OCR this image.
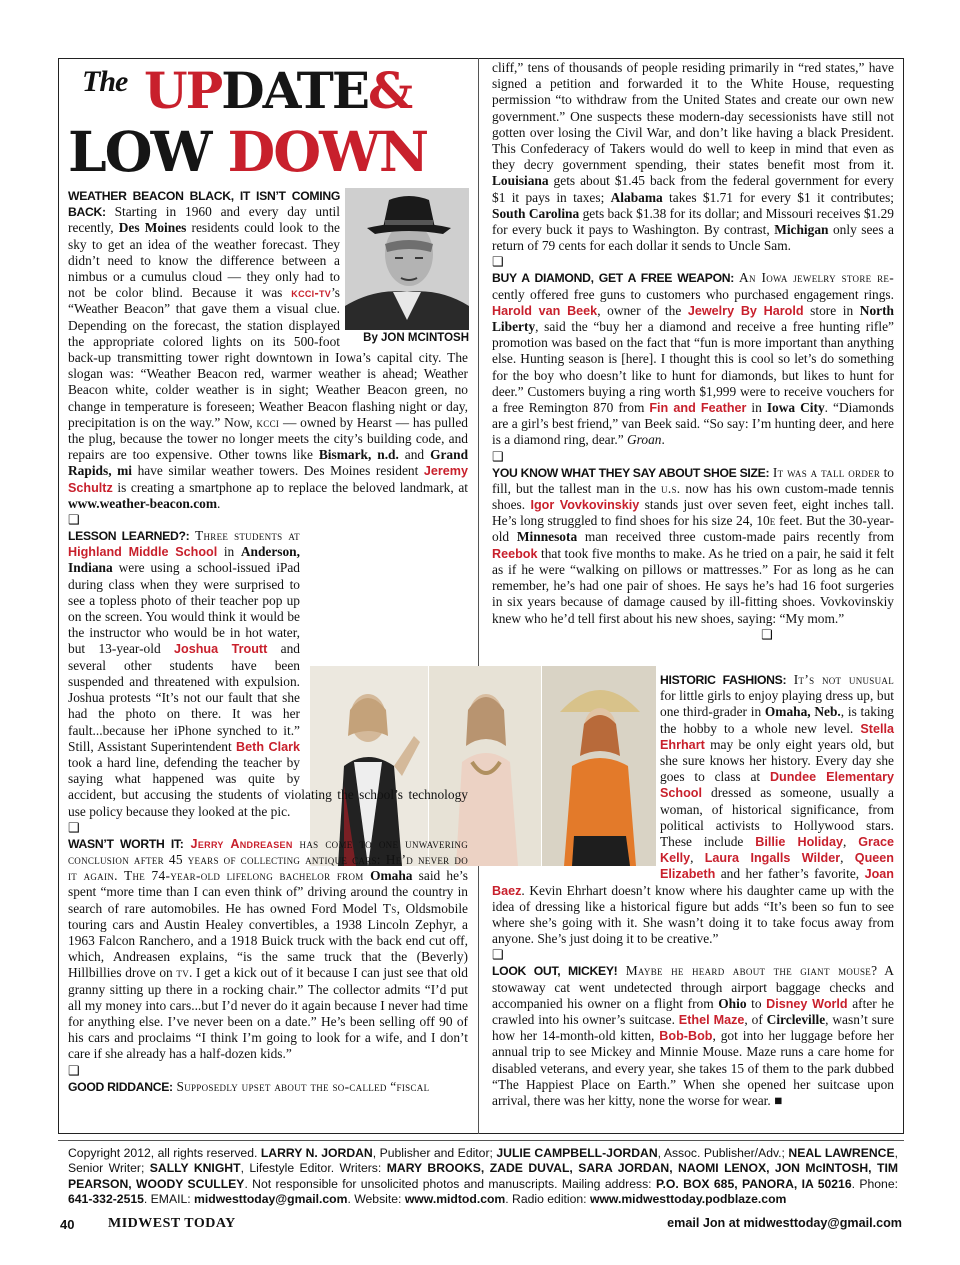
The UPDATE&
LOW DOWN
By JON MCINTOSH

WEATHER BEACON BLACK, IT ISN’T COMING BACK: Starting in 1960 and every day until recently, Des Moines residents could look to the sky to get an idea of the weather forecast. They didn’t need to know the difference between a nimbus or a cumulus cloud — they only had to not be color blind. Because it was kcci-tv’s “Weather Beacon” that gave them a visual clue. Depending on the forecast, the station displayed the appropriate colored lights on its 500-foot back-up transmitting tower right downtown in Iowa’s capital city. The slogan was: “Weather Beacon red, warmer weather is ahead; Weather Beacon white, colder weather is in sight; Weather Beacon green, no change in temperature is foreseen; Weather Beacon flashing night or day, precipitation is on the way.” Now, kcci — owned by Hearst — has pulled the plug, because the tower no longer meets the city’s building code, and repairs are too expensive. Other towns like Bismark, n.d. and Grand Rapids, mi have similar weather towers. Des Moines resident Jeremy Schultz is creating a smartphone ap to replace the beloved landmark, at www.weather-beacon.com.

❑

LESSON LEARNED?: Three students at Highland Middle School in Anderson, Indiana were using a school-issued iPad during class when they were surprised to see a topless photo of their teacher pop up on the screen. You would think it would be the instructor who would be in hot water, but 13-year-old Joshua Troutt and several other students have been suspended and threatened with expulsion. Joshua protests “It’s not our fault that she had the photo on there. It was her fault...because her iPhone synched to it.” Still, Assistant Superintendent Beth Clark took a hard line, defending the teacher by saying what happened was quite by accident, but accusing the students of violating the school’s technology use policy because they looked at the pic.

❑

WASN’T WORTH IT: Jerry Andreasen has come to one unwavering conclusion after 45 years of collecting antique cars: He’d never do it again. The 74-year-old lifelong bachelor from Omaha said he’s spent “more time than I can even think of” driving around the country in search of rare automobiles. He has owned Ford Model Ts, Oldsmobile touring cars and Austin Healey convertibles, a 1938 Lincoln Zephyr, a 1963 Falcon Ranchero, and a 1918 Buick truck with the back end cut off, which, Andreasen explains, “is the same truck that the (Beverly) Hillbillies drove on tv. I get a kick out of it because I can just see that old granny sitting up there in a rocking chair.” The collector admits “I’d put all my money into cars...but I’d never do it again because I never had time for anything else. I’ve never been on a date.” He’s been selling off 90 of his cars and proclaims “I think I’m going to look for a wife, and I don’t care if she already has a half-dozen kids.”

❑

GOOD RIDDANCE: Supposedly upset about the so-called “fiscal

cliff,” tens of thousands of people residing primarily in “red states,” have signed a petition and forwarded it to the White House, requesting permission “to withdraw from the United States and create our own new government.” One suspects these modern-day secessionists have still not gotten over losing the Civil War, and don’t like having a black President. This Confederacy of Takers would do well to keep in mind that even as they decry government spending, their states benefit most from it. Louisiana gets about $1.45 back from the federal government for every $1 it pays in taxes; Alabama takes $1.71 for every $1 it contributes; South Carolina gets back $1.38 for its dollar; and Missouri receives $1.29 for every buck it pays to Washington. By contrast, Michigan only sees a return of 79 cents for each dollar it sends to Uncle Sam.

❑

BUY A DIAMOND, GET A FREE WEAPON: An Iowa jewelry store re-cently offered free guns to customers who purchased engagement rings. Harold van Beek, owner of the Jewelry By Harold store in North Liberty, said the “buy her a diamond and receive a free hunting rifle” promotion was based on the fact that “fun is more important than anything else. Hunting season is [here]. I thought this is cool so let’s do something for the boy who doesn’t like to hunt for diamonds, but likes to hunt for deer.” Customers buying a ring worth $1,999 were to receive vouchers for a free Remington 870 from Fin and Feather in Iowa City. “Diamonds are a girl’s best friend,” van Beek said. “So say: I’m hunting deer, and here is a diamond ring, dear.” Groan.

❑

YOU KNOW WHAT THEY SAY ABOUT SHOE SIZE: It was a tall order to fill, but the tallest man in the u.s. now has his own custom-made tennis shoes. Igor Vovkovinskiy stands just over seven feet, eight inches tall. He’s long struggled to find shoes for his size 24, 10e feet. But the 30-year-old Minnesota man received three custom-made pairs recently from Reebok that took five months to make. As he tried on a pair, he said it felt as if he were “walking on pillows or mattresses.” For as long as he can remember, he’s had one pair of shoes. He says he’s had 16 foot surgeries in six years because of damage caused by ill-fitting shoes. Vovkovinskiy knew who he’d tell first about his new shoes, saying: “My mom.”

❑

HISTORIC FASHIONS: It’s not unusual for little girls to enjoy playing dress up, but one third-grader in Omaha, Neb., is taking the hobby to a whole new level. Stella Ehrhart may be only eight years old, but she sure knows her history. Every day she goes to class at Dundee Elementary School dressed as someone, usually a woman, of historical significance, from political activists to Hollywood stars. These include Billie Holiday, Grace Kelly, Laura Ingalls Wilder, Queen Elizabeth and her father’s favorite, Joan Baez. Kevin Ehrhart doesn’t know where his daughter came up with the idea of dressing like a historical figure but adds “It’s been so fun to see where she’s going with it. She wasn’t doing it to take focus away from anyone. She’s just doing it to be creative.”

❑

LOOK OUT, MICKEY! Maybe he heard about the giant mouse? A stowaway cat went undetected through airport baggage checks and accompanied his owner on a flight from Ohio to Disney World after he crawled into his owner’s suitcase. Ethel Maze, of Circleville, wasn’t sure how her 14-month-old kitten, Bob-Bob, got into her luggage before her annual trip to see Mickey and Minnie Mouse. Maze runs a care home for disabled veterans, and every year, she takes 15 of them to the park dubbed “The Happiest Place on Earth.” When she opened her suitcase upon arrival, there was her kitty, none the worse for wear. ■

Copyright 2012, all rights reserved. LARRY N. JORDAN, Publisher and Editor; JULIE CAMPBELL-JORDAN, Assoc. Publisher/Adv.; NEAL LAWRENCE, Senior Writer; SALLY KNIGHT, Lifestyle Editor. Writers: MARY BROOKS, ZADE DUVAL, SARA JORDAN, NAOMI LENOX, JON McINTOSH, TIM PEARSON, WOODY SCULLEY. Not responsible for unsolicited photos and manuscripts. Mailing address: P.O. BOX 685, PANORA, IA 50216. Phone: 641-332-2515. EMAIL: midwesttoday@gmail.com. Website: www.midtod.com. Radio edition: www.midwesttoday.podblaze.com
40 MIDWEST TODAY	email Jon at midwesttoday@gmail.com
